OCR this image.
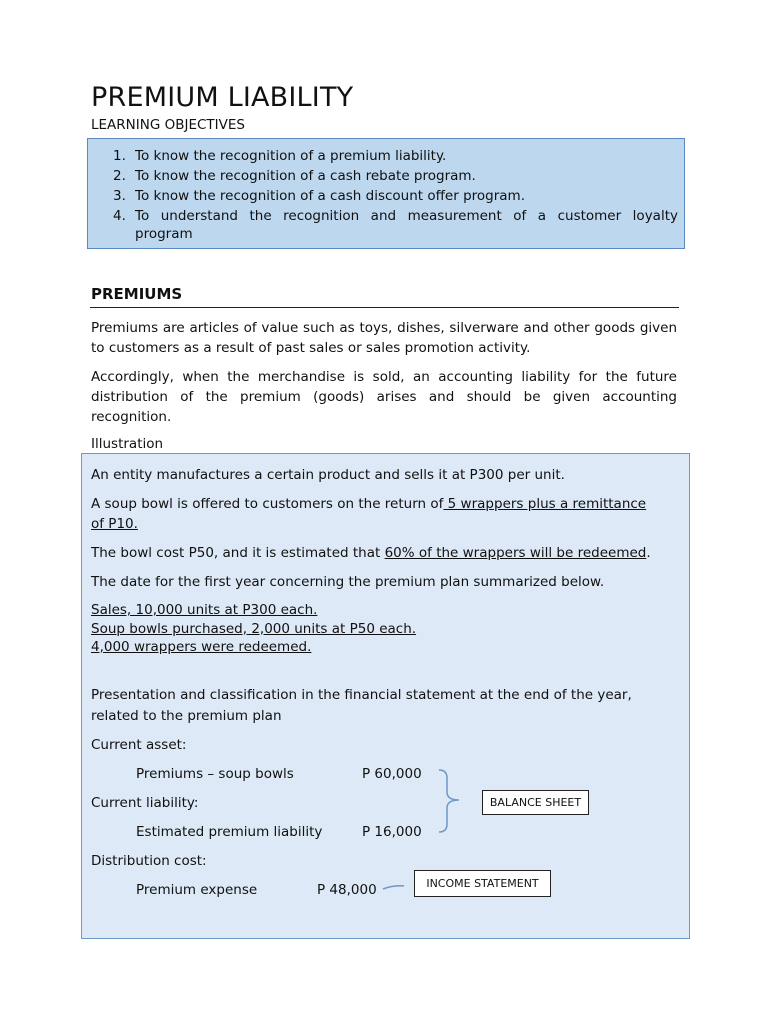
PREMIUM LIABILITY
LEARNING OBJECTIVES
1. To know the recognition of a premium liability.
2. To know the recognition of a cash rebate program.
3. To know the recognition of a cash discount offer program.
4. To understand the recognition and measurement of a customer loyalty
program
PREMIUMS
Premiums are articles of value such as toys, dishes, silverware and other goods given to customers as a result of past sales or sales promotion activity.
Accordingly, when the merchandise is sold, an accounting liability for the future distribution of the premium (goods) arises and should be given accounting recognition.
Illustration
An entity manufactures a certain product and sells it at P300 per unit.
A soup bowl is offered to customers on the return of 5 wrappers plus a remittance
of P10.
The bowl cost P50, and it is estimated that 60% of the wrappers will be redeemed.
The date for the first year concerning the premium plan summarized below.
Sales, 10,000 units at P300 each.
Soup bowls purchased, 2,000 units at P50 each.
4,000 wrappers were redeemed.
Presentation and classification in the financial statement at the end of the year,
related to the premium plan
Current asset:
Premiums – soup bowls	P 60,000
Current liability:
Estimated premium liability	P 16,000
Distribution cost:
Premium expense	P 48,000
BALANCE SHEET
INCOME STATEMENT
